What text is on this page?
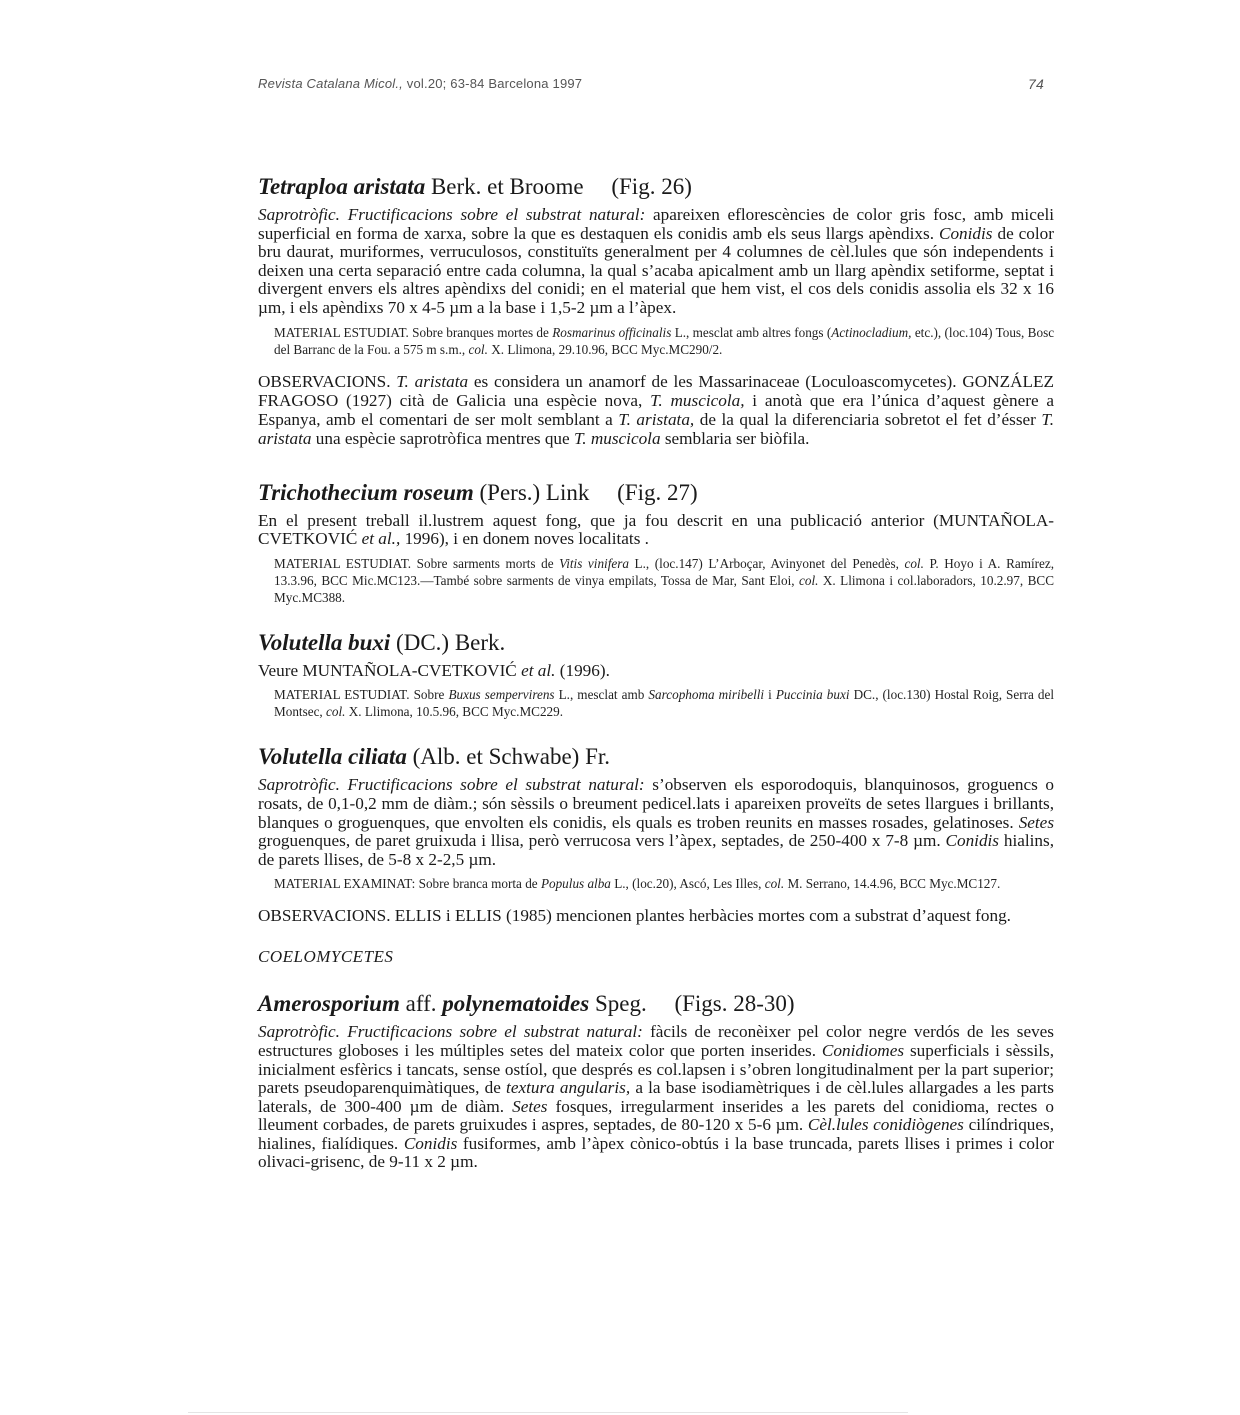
Revista Catalana Micol., vol.20; 63-84 Barcelona 1997	74
Tetraploa aristata Berk. et Broome (Fig. 26)

Saprotròfic. Fructificacions sobre el substrat natural: apareixen eflorescències de color gris fosc, amb miceli superficial en forma de xarxa, sobre la que es destaquen els conidis amb els seus llargs apèndixs. Conidis de color bru daurat, muriformes, verruculosos, constituïts generalment per 4 columnes de cèl.lules que són independents i deixen una certa separació entre cada columna, la qual s’acaba apicalment amb un llarg apèndix setiforme, septat i divergent envers els altres apèndixs del conidi; en el material que hem vist, el cos dels conidis assolia els 32 x 16 µm, i els apèndixs 70 x 4-5 µm a la base i 1,5-2 µm a l’àpex.

MATERIAL ESTUDIAT. Sobre branques mortes de Rosmarinus officinalis L., mesclat amb altres fongs (Actinocladium, etc.), (loc.104) Tous, Bosc del Barranc de la Fou. a 575 m s.m., col. X. Llimona, 29.10.96, BCC Myc.MC290/2.

OBSERVACIONS. T. aristata es considera un anamorf de les Massarinaceae (Loculoascomycetes). GONZÁLEZ FRAGOSO (1927) cità de Galicia una espècie nova, T. muscicola, i anotà que era l’única d’aquest gènere a Espanya, amb el comentari de ser molt semblant a T. aristata, de la qual la diferenciaria sobretot el fet d’ésser T. aristata una espècie saprotròfica mentres que T. muscicola semblaria ser biòfila.

Trichothecium roseum (Pers.) Link (Fig. 27)

En el present treball il.lustrem aquest fong, que ja fou descrit en una publicació anterior (MUNTAÑOLA-CVETKOVIĆ et al., 1996), i en donem noves localitats .

MATERIAL ESTUDIAT. Sobre sarments morts de Vitis vinifera L., (loc.147) L’Arboçar, Avinyonet del Penedès, col. P. Hoyo i A. Ramírez, 13.3.96, BCC Mic.MC123.—També sobre sarments de vinya empilats, Tossa de Mar, Sant Eloi, col. X. Llimona i col.laboradors, 10.2.97, BCC Myc.MC388.

Volutella buxi (DC.) Berk.

Veure MUNTAÑOLA-CVETKOVIĆ et al. (1996).

MATERIAL ESTUDIAT. Sobre Buxus sempervirens L., mesclat amb Sarcophoma miribelli i Puccinia buxi DC., (loc.130) Hostal Roig, Serra del Montsec, col. X. Llimona, 10.5.96, BCC Myc.MC229.

Volutella ciliata (Alb. et Schwabe) Fr.

Saprotròfic. Fructificacions sobre el substrat natural: s’observen els esporodoquis, blanquinosos, groguencs o rosats, de 0,1-0,2 mm de diàm.; són sèssils o breument pedicel.lats i apareixen proveïts de setes llargues i brillants, blanques o groguenques, que envolten els conidis, els quals es troben reunits en masses rosades, gelatinoses. Setes groguenques, de paret gruixuda i llisa, però verrucosa vers l’àpex, septades, de 250-400 x 7-8 µm. Conidis hialins, de parets llises, de 5-8 x 2-2,5 µm.

MATERIAL EXAMINAT: Sobre branca morta de Populus alba L., (loc.20), Ascó, Les Illes, col. M. Serrano, 14.4.96, BCC Myc.MC127.

OBSERVACIONS. ELLIS i ELLIS (1985) mencionen plantes herbàcies mortes com a substrat d’aquest fong.

COELOMYCETES

Amerosporium aff. polynematoides Speg. (Figs. 28-30)

Saprotròfic. Fructificacions sobre el substrat natural: fàcils de reconèixer pel color negre verdós de les seves estructures globoses i les múltiples setes del mateix color que porten inserides. Conidiomes superficials i sèssils, inicialment esfèrics i tancats, sense ostíol, que després es col.lapsen i s’obren longitudinalment per la part superior; parets pseudoparenquimàtiques, de textura angularis, a la base isodiamètriques i de cèl.lules allargades a les parts laterals, de 300-400 µm de diàm. Setes fosques, irregularment inserides a les parets del conidioma, rectes o lleument corbades, de parets gruixudes i aspres, septades, de 80-120 x 5-6 µm. Cèl.lules conidiògenes cilíndriques, hialines, fialídiques. Conidis fusiformes, amb l’àpex cònico-obtús i la base truncada, parets llises i primes i color olivaci-grisenc, de 9-11 x 2 µm.
